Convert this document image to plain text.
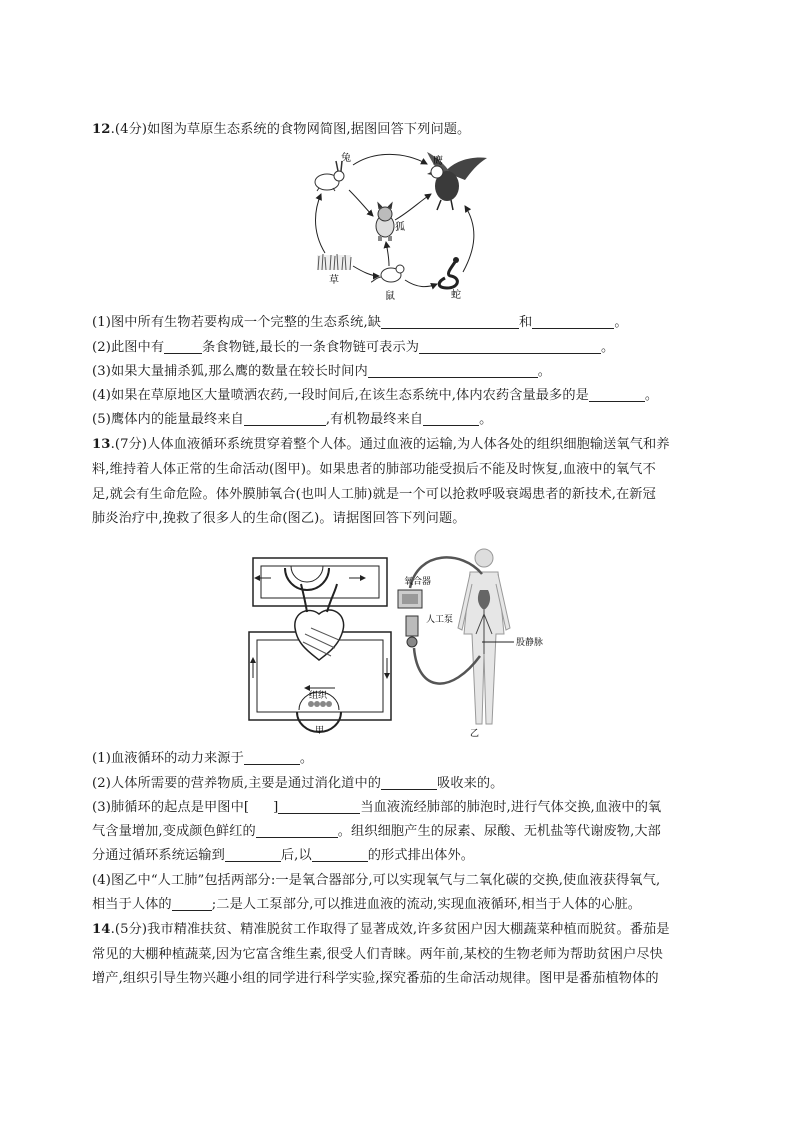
12.(4分)如图为草原生态系统的食物网简图,据图回答下列问题。
兔	鹰
狐
草
鼠	蛇
(1)图中所有生物若要构成一个完整的生态系统,缺	和	。
(2)此图中有	条食物链,最长的一条食物链可表示为	。
(3)如果大量捕杀狐,那么鹰的数量在较长时间内	。
(4)如果在草原地区大量喷洒农药,一段时间后,在该生态系统中,体内农药含量最多的是	。
(5)鹰体内的能量最终来自	,有机物最终来自	。
13.(7分)人体血液循环系统贯穿着整个人体。通过血液的运输,为人体各处的组织细胞输送氧气和养
料,维持着人体正常的生命活动(图甲)。如果患者的肺部功能受损后不能及时恢复,血液中的氧气不
足,就会有生命危险。体外膜肺氧合(也叫人工肺)就是一个可以抢救呼吸衰竭患者的新技术,在新冠
肺炎治疗中,挽救了很多人的生命(图乙)。请据图回答下列问题。
组织
甲
氧合器
人工泵
股静脉
乙
(1)血液循环的动力来源于	。
(2)人体所需要的营养物质,主要是通过消化道中的	吸收来的。
(3)肺循环的起点是甲图中[ ]	当血液流经肺部的肺泡时,进行气体交换,血液中的氧
气含量增加,变成颜色鲜红的	。组织细胞产生的尿素、尿酸、无机盐等代谢废物,大部
分通过循环系统运输到	后,以	的形式排出体外。
(4)图乙中“人工肺”包括两部分:一是氧合器部分,可以实现氧气与二氧化碳的交换,使血液获得氧气,
相当于人体的	;二是人工泵部分,可以推进血液的流动,实现血液循环,相当于人体的心脏。
14.(5分)我市精准扶贫、精准脱贫工作取得了显著成效,许多贫困户因大棚蔬菜种植而脱贫。番茄是
常见的大棚种植蔬菜,因为它富含维生素,很受人们青睐。两年前,某校的生物老师为帮助贫困户尽快
增产,组织引导生物兴趣小组的同学进行科学实验,探究番茄的生命活动规律。图甲是番茄植物体的
